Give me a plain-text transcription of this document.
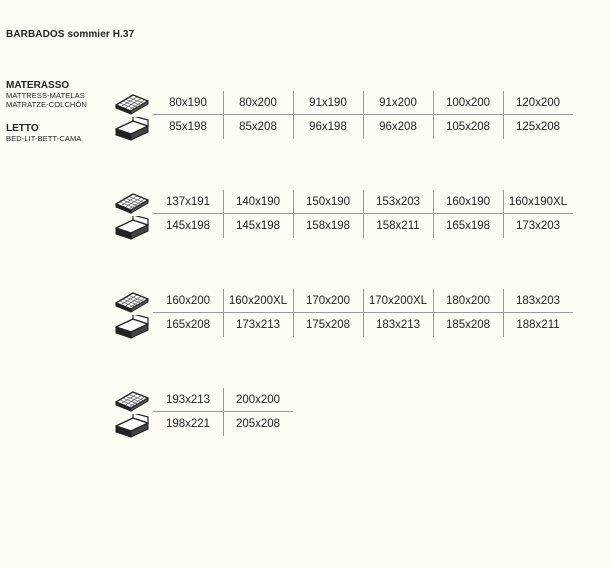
BARBADOS sommier H.37
MATERASSO
MATTRESS-MATELAS
MATRATZE-COLCHÓN
LETTO
BED-LIT-BETT-CAMA
80x190
85x198
80x200
85x208
91x190
96x198
91x200
96x208
100x200
105x208
120x200
125x208
137x191
145x198
140x190
145x198
150x190
158x198
153x203
158x211
160x190
165x198
160x190XL
173x203
160x200
165x208
160x200XL
173x213
170x200
175x208
170x200XL
183x213
180x200
185x208
183x203
188x211
193x213
198x221
200x200
205x208
